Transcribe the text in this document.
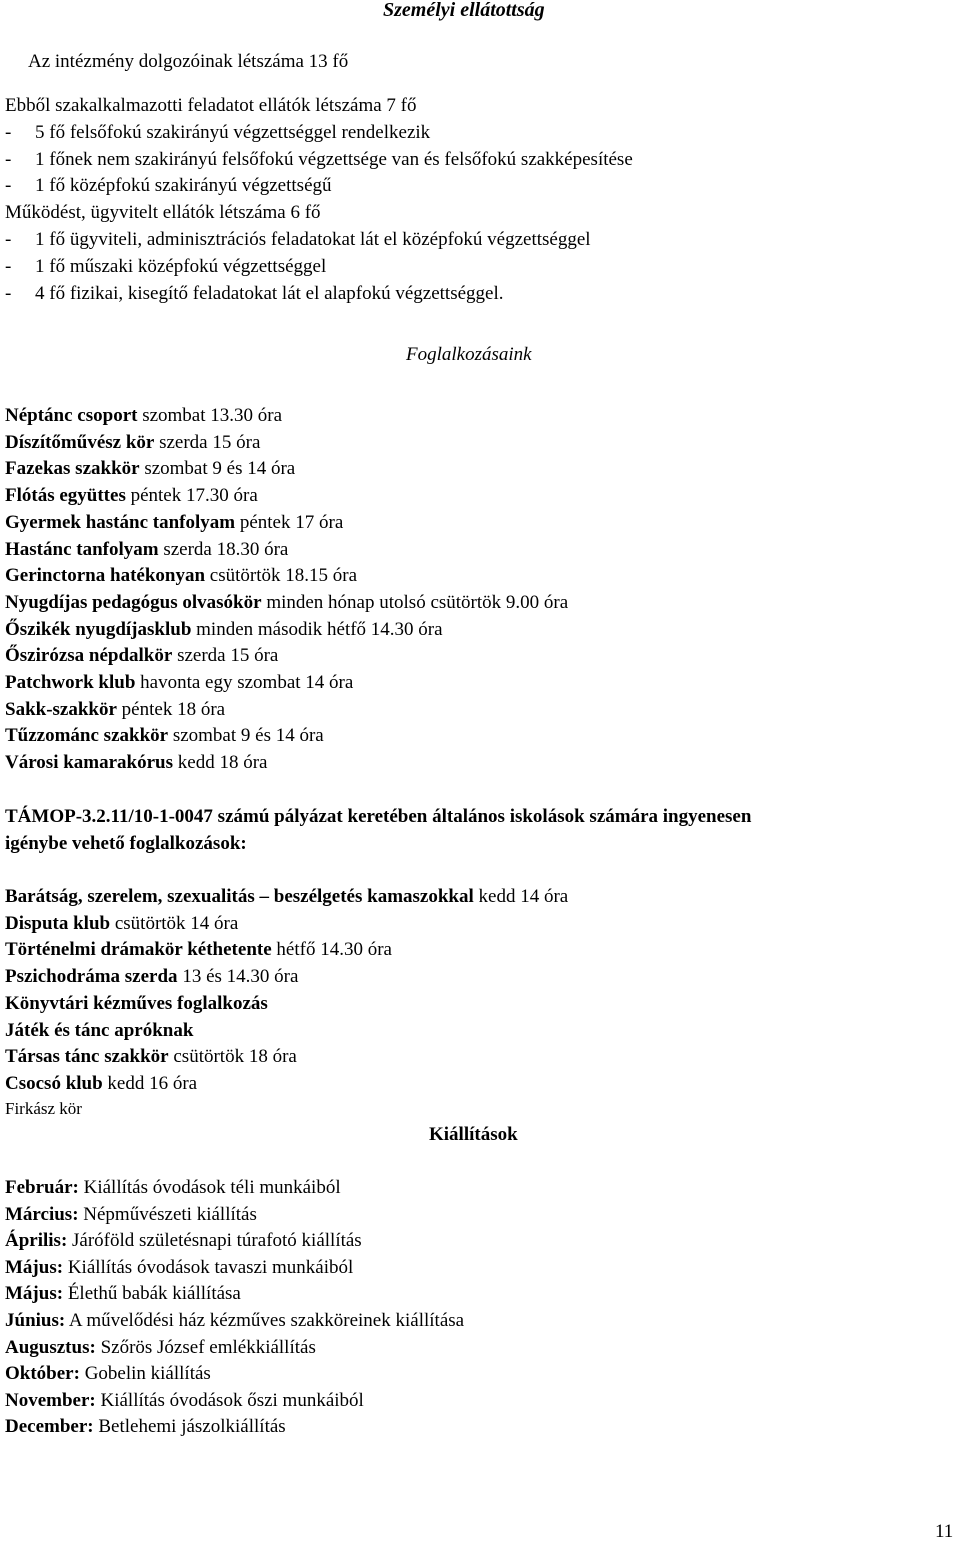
Személyi ellátottság
Az intézmény dolgozóinak létszáma 13 fő
Ebből szakalkalmazotti feladatot ellátók létszáma 7 fő
- 5 fő felsőfokú szakirányú végzettséggel rendelkezik
- 1 főnek nem szakirányú felsőfokú végzettsége van és felsőfokú szakképesítése
- 1 fő középfokú szakirányú végzettségű
Működést, ügyvitelt ellátók létszáma 6 fő
- 1 fő ügyviteli, adminisztrációs feladatokat lát el középfokú végzettséggel
- 1 fő műszaki középfokú végzettséggel
- 4 fő fizikai, kisegítő feladatokat lát el alapfokú végzettséggel.
Foglalkozásaink
Néptánc csoport szombat 13.30 óra
Díszítőművész kör szerda 15 óra
Fazekas szakkör szombat 9 és 14 óra
Flótás együttes péntek 17.30 óra
Gyermek hastánc tanfolyam péntek 17 óra
Hastánc tanfolyam szerda 18.30 óra
Gerinctorna hatékonyan csütörtök 18.15 óra
Nyugdíjas pedagógus olvasókör minden hónap utolsó csütörtök 9.00 óra
Őszikék nyugdíjasklub minden második hétfő 14.30 óra
Őszirózsa népdalkör szerda 15 óra
Patchwork klub havonta egy szombat 14 óra
Sakk-szakkör péntek 18 óra
Tűzzománc szakkör szombat 9 és 14 óra
Városi kamarakórus kedd 18 óra
TÁMOP-3.2.11/10-1-0047 számú pályázat keretében általános iskolások számára ingyenesen
igénybe vehető foglalkozások:
Barátság, szerelem, szexualitás – beszélgetés kamaszokkal kedd 14 óra
Disputa klub csütörtök 14 óra
Történelmi drámakör kéthetente hétfő 14.30 óra
Pszichodráma szerda 13 és 14.30 óra
Könyvtári kézműves foglalkozás
Játék és tánc apróknak
Társas tánc szakkör csütörtök 18 óra
Csocsó klub kedd 16 óra
Firkász kör
Kiállítások
Február: Kiállítás óvodások téli munkáiból
Március: Népművészeti kiállítás
Április: Járóföld születésnapi túrafotó kiállítás
Május: Kiállítás óvodások tavaszi munkáiból
Május: Élethű babák kiállítása
Június: A művelődési ház kézműves szakköreinek kiállítása
Augusztus: Szőrös József emlékkiállítás
Október: Gobelin kiállítás
November: Kiállítás óvodások őszi munkáiból
December: Betlehemi jászolkiállítás
11
